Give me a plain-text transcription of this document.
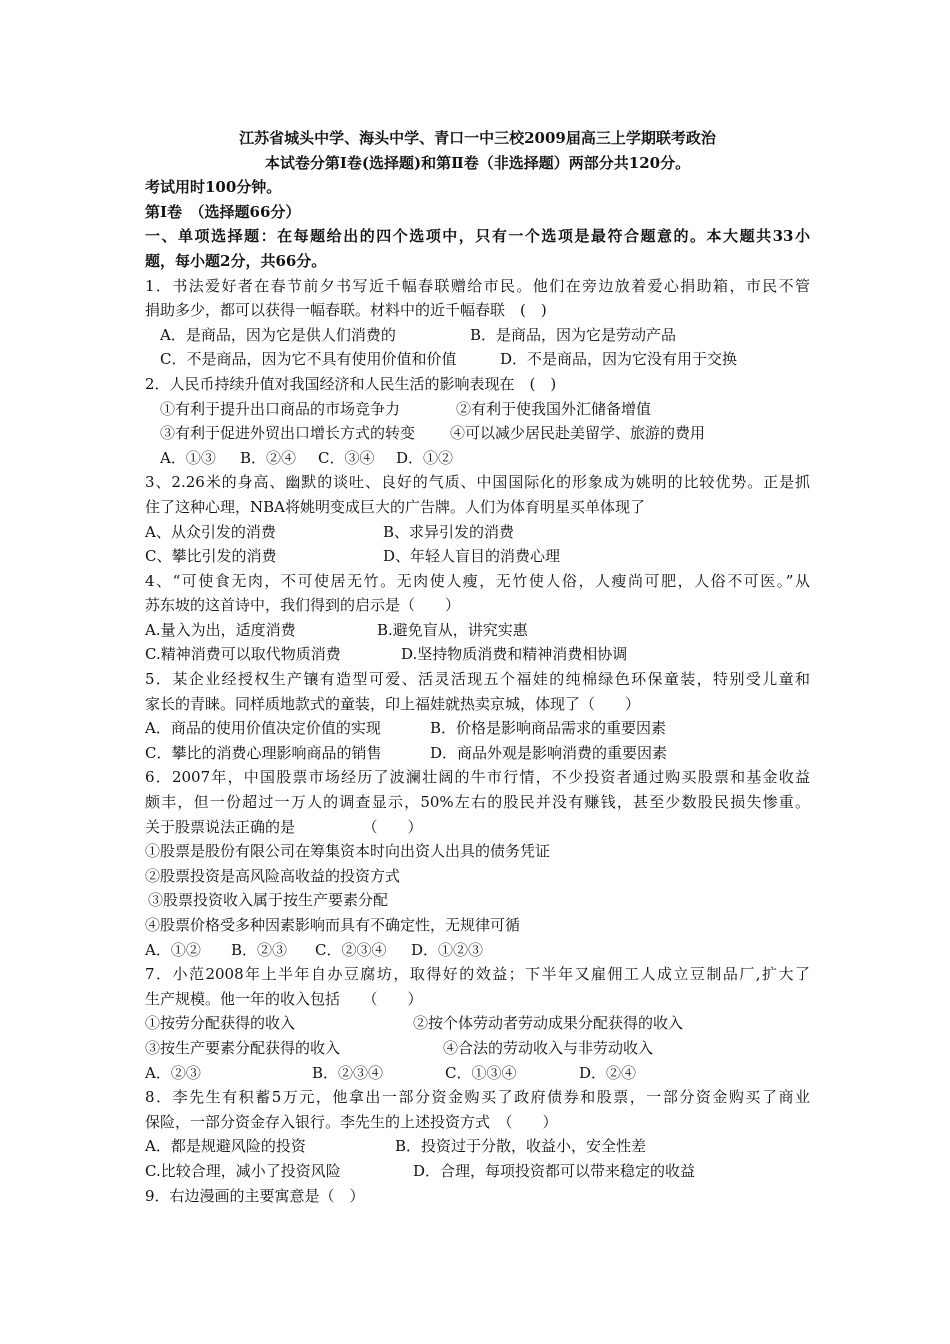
江苏省城头中学、海头中学、青口一中三校2009届高三上学期联考政治
本试卷分第Ⅰ卷(选择题)和第Ⅱ卷（非选择题）两部分共120分。
考试用时100分钟。
第Ⅰ卷　（选择题66分）
一、单项选择题：在每题给出的四个选项中，只有一个选项是最符合题意的。本大题共33小
题，每小题2分，共66分。
1．书法爱好者在春节前夕书写近千幅春联赠给市民。他们在旁边放着爱心捐助箱，市民不管
捐助多少，都可以获得一幅春联。材料中的近千幅春联　(　)
A．是商品，因为它是供人们消费的	B．是商品，因为它是劳动产品
C．不是商品，因为它不具有使用价值和价值	D．不是商品，因为它没有用于交换
2．人民币持续升值对我国经济和人民生活的影响表现在　(　)
①有利于提升出口商品的市场竞争力	②有利于使我国外汇储备增值
③有利于促进外贸出口增长方式的转变	④可以减少居民赴美留学、旅游的费用
A．①③	B．②④	C．③④	D．①②
3、2.26米的身高、幽默的谈吐、良好的气质、中国国际化的形象成为姚明的比较优势。正是抓
住了这种心理，NBA将姚明变成巨大的广告牌。人们为体育明星买单体现了
A、从众引发的消费	B、求异引发的消费
C、攀比引发的消费	D、年轻人盲目的消费心理
4、“可使食无肉，不可使居无竹。无肉使人瘦，无竹使人俗，人瘦尚可肥，人俗不可医。”从
苏东坡的这首诗中，我们得到的启示是（　　）
A.量入为出，适度消费	B.避免盲从，讲究实惠
C.精神消费可以取代物质消费	D.坚持物质消费和精神消费相协调
5．某企业经授权生产镶有造型可爱、活灵活现五个福娃的纯棉绿色环保童装，特别受儿童和
家长的青睐。同样质地款式的童装，印上福娃就热卖京城，体现了（　　）
A．商品的使用价值决定价值的实现	B．价格是影响商品需求的重要因素
C．攀比的消费心理影响商品的销售	D．商品外观是影响消费的重要因素
6．2007年，中国股票市场经历了波澜壮阔的牛市行情，不少投资者通过购买股票和基金收益
颇丰，但一份超过一万人的调查显示，50%左右的股民并没有赚钱，甚至少数股民损失惨重。
关于股票说法正确的是　　　　　（　　）
①股票是股份有限公司在筹集资本时向出资人出具的债务凭证
②股票投资是高风险高收益的投资方式
③股票投资收入属于按生产要素分配
④股票价格受多种因素影响而具有不确定性，无规律可循
A．①②	B．②③	C．②③④	D．①②③
7．小范2008年上半年自办豆腐坊，取得好的效益；下半年又雇佣工人成立豆制品厂,扩大了
生产规模。他一年的收入包括　　（　　）
①按劳分配获得的收入	②按个体劳动者劳动成果分配获得的收入
③按生产要素分配获得的收入	④合法的劳动收入与非劳动收入
A．②③	B．②③④	C．①③④	D．②④
8．李先生有积蓄5万元，他拿出一部分资金购买了政府债券和股票，一部分资金购买了商业
保险，一部分资金存入银行。李先生的上述投资方式　（　　）
A．都是规避风险的投资	B．投资过于分散，收益小，安全性差
C.比较合理，减小了投资风险	D．合理，每项投资都可以带来稳定的收益
9．右边漫画的主要寓意是（　）
